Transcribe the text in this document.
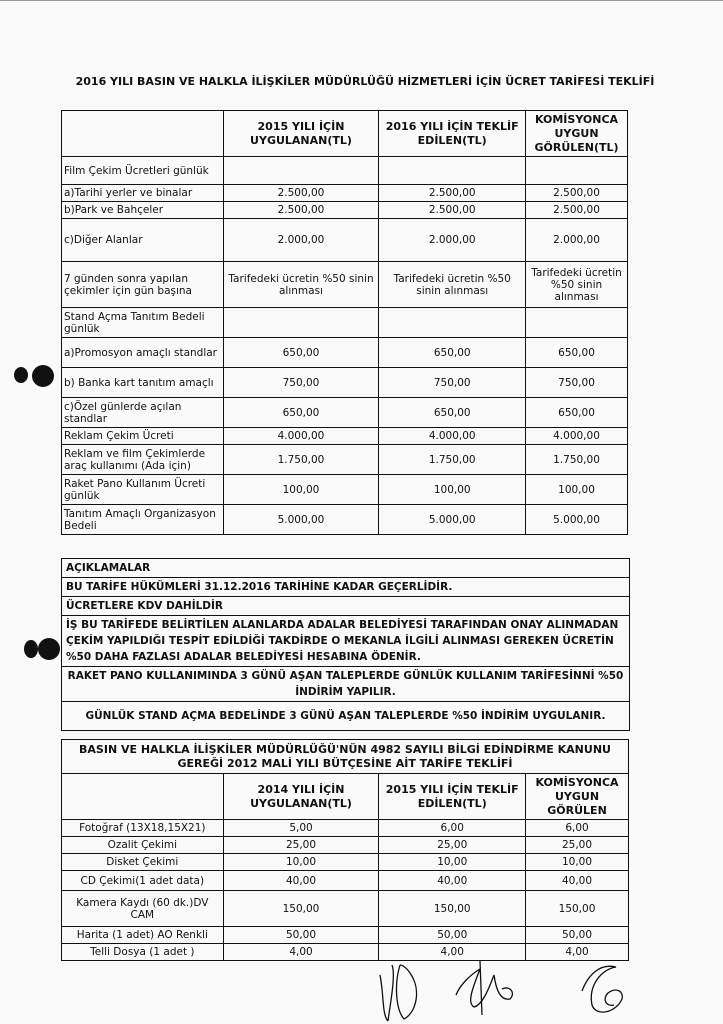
2016 YILI BASIN VE HALKLA İLİŞKİLER MÜDÜRLÜĞÜ HİZMETLERİ İÇİN ÜCRET TARİFESİ TEKLİFİ
	2015 YILI İÇİN UYGULANAN(TL)	2016 YILI İÇİN TEKLİF EDİLEN(TL)	KOMİSYONCA UYGUN GÖRÜLEN(TL)
Film Çekim Ücretleri günlük			
a)Tarihi yerler ve binalar	2.500,00	2.500,00	2.500,00
b)Park ve Bahçeler	2.500,00	2.500,00	2.500,00
c)Diğer Alanlar	2.000,00	2.000,00	2.000,00
7 günden sonra yapılan çekimler için gün başına	Tarifedeki ücretin %50 sinin alınması	Tarifedeki ücretin %50 sinin alınması	Tarifedeki ücretin %50 sinin alınması
Stand Açma Tanıtım Bedeli günlük			
a)Promosyon amaçlı standlar	650,00	650,00	650,00
b) Banka kart tanıtım amaçlı	750,00	750,00	750,00
c)Özel günlerde açılan standlar	650,00	650,00	650,00
Reklam Çekim Ücreti	4.000,00	4.000,00	4.000,00
Reklam ve film Çekimlerde araç kullanımı (Ada için)	1.750,00	1.750,00	1.750,00
Raket Pano Kullanım Ücreti günlük	100,00	100,00	100,00
Tanıtım Amaçlı Organizasyon Bedeli	5.000,00	5.000,00	5.000,00
AÇIKLAMALAR
BU TARİFE HÜKÜMLERİ 31.12.2016 TARİHİNE KADAR GEÇERLİDİR.
ÜCRETLERE KDV DAHİLDİR
İŞ BU TARİFEDE BELİRTİLEN ALANLARDA ADALAR BELEDİYESİ TARAFINDAN ONAY ALINMADAN ÇEKİM YAPILDIĞI TESPİT EDİLDİĞİ TAKDİRDE O MEKANLA İLGİLİ ALINMASI GEREKEN ÜCRETİN %50 DAHA FAZLASI ADALAR BELEDİYESİ HESABINA ÖDENİR.
RAKET PANO KULLANIMINDA 3 GÜNÜ AŞAN TALEPLERDE GÜNLÜK KULLANIM TARİFESİNNİ %50 İNDİRİM YAPILIR.
GÜNLÜK STAND AÇMA BEDELİNDE 3 GÜNÜ AŞAN TALEPLERDE %50 İNDİRİM UYGULANIR.
BASIN VE HALKLA İLİŞKİLER MÜDÜRLÜĞÜ'NÜN 4982 SAYILI BİLGİ EDİNDİRME KANUNU GEREĞİ 2012 MALİ YILI BÜTÇESİNE AİT TARİFE TEKLİFİ			
	2014 YILI İÇİN UYGULANAN(TL)	2015 YILI İÇİN TEKLİF EDİLEN(TL)	KOMİSYONCA UYGUN GÖRÜLEN
Fotoğraf (13X18,15X21)	5,00	6,00	6,00
Ozalit Çekimi	25,00	25,00	25,00
Disket Çekimi	10,00	10,00	10,00
CD Çekimi(1 adet data)	40,00	40,00	40,00
Kamera Kaydı (60 dk.)DV CAM	150,00	150,00	150,00
Harita (1 adet) AO Renkli	50,00	50,00	50,00
Telli Dosya (1 adet )	4,00	4,00	4,00
